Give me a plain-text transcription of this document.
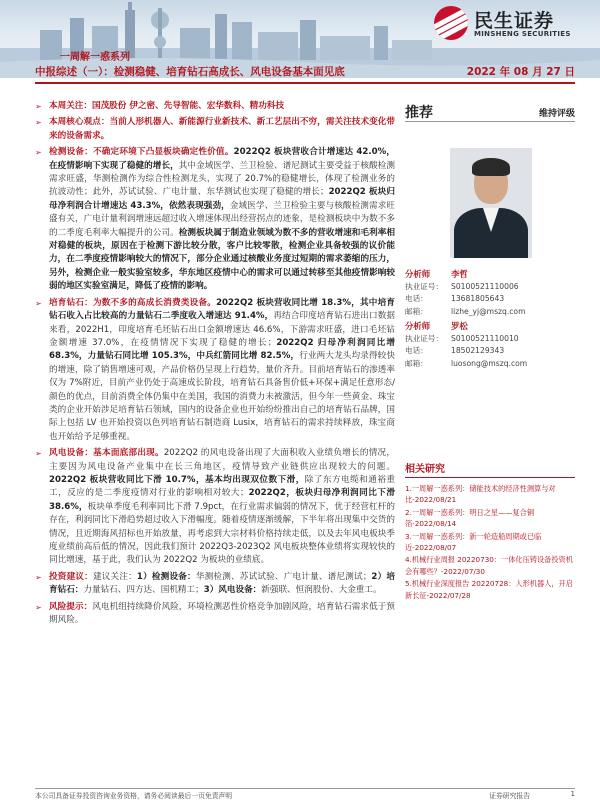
民生证券
MINSHENG SECURITIES
一周解一惑系列
中报综述（一）：检测稳健、培育钻石高成长、风电设备基本面见底	2022 年 08 月 27 日
➢ 本周关注：国茂股份 伊之密、先导智能、宏华数科、精功科技
➢ 本周核心观点：当前人形机器人、新能源行业新技术、新工艺层出不穷，需关注技术变化带来的设备需求。
➢ 检测设备：不确定环境下凸显板块确定性价值。2022Q2 板块营收合计增速达 42.0%，在疫情影响下实现了稳健的增长，其中金域医学、兰卫检验、谱尼测试主要受益于核酸检测需求旺盛，华测检测作为综合性检测龙头，实现了 20.7%的稳健增长，体现了检测业务的抗波动性；此外，苏试试验、广电计量、东华测试也实现了稳健的增长；2022Q2 板块归母净利润合计增速达 43.3%，依然表现强劲，金域医学、兰卫检验主要与核酸检测需求旺盛有关，广电计量利润增速远超过收入增速体现出经营拐点的迹象，是检测板块中为数不多的二季度毛利率大幅提升的公司。检测板块属于制造业领域为数不多的营收增速和毛利率相对稳健的板块，原因在于检测下游比较分散，客户比较零散，检测企业具备较强的议价能力，在二季度疫情影响较大的情况下，部分企业通过核酸业务度过短期的需求萎缩的压力，另外，检测企业一般实验室较多，华东地区疫情中心的需求可以通过转移至其他疫情影响较弱的地区实验室满足，降低了疫情的影响。
➢ 培育钻石：为数不多的高成长消费类设备。2022Q2 板块营收同比增 18.3%，其中培育钻石收入占比较高的力量钻石二季度收入增速达 91.4%，再结合印度培育钻石进出口数据来看，2022H1，印度培育毛坯钻石出口金额增速达 46.6%，下游需求旺盛，进口毛坯钻金额增速 37.0%，在疫情情况下实现了稳健的增长；2022Q2 归母净利润同比增 68.3%，力量钻石同比增 105.3%，中兵红箭同比增 82.5%，行业两大龙头均录得较快的增速，除了销售增速可观，产品价格仍呈现上行趋势，量价齐升。目前培育钻石的渗透率仅为 7%附近，目前产业仍处于高速成长阶段，培育钻石具备售价低+环保+满足任意形态/颜色的优点，目前消费全体仍集中在美国，我国的消费力未被激活，但今年一些黄金、珠宝类的企业开始涉足培育钻石领域，国内的设备企业也开始纷纷推出自己的培育钻石品牌，国际上包括 LV 也开始投资以色列培育钻石制造商 Lusix，培育钻石的需求持续释放，珠宝商也开始给予足够重视。
➢ 风电设备：基本面底部出现。2022Q2 的风电设备出现了大面积收入业绩负增长的情况，主要因为风电设备产业集中在长三角地区，疫情导致产业链供应出现较大的问题。2022Q2 板块营收同比下滑 10.7%，基本均出现双位数下滑，除了东方电缆和通裕重工，反应的是二季度疫情对行业的影响相对较大；2022Q2，板块归母净利润同比下滑 38.6%，板块单季度毛利率同比下滑 7.9pct，在行业需求偏弱的情况下，优于经营杠杆的存在，利润同比下滑趋势超过收入下滑幅度。随着疫情逐渐缓解，下半年将出现集中交货的情况，且近期海风招标也开始放量，再考虑到大宗材料价格持续走低，以及去年风电板块季度业绩前高后低的情况，因此我们预计 2022Q3-2023Q2 风电板块整体业绩将实现较快的同比增速，基于此，我们认为 2022Q2 为板块的业绩底。
➢ 投资建议：建议关注：1）检测设备：华测检测、苏试试验、广电计量、谱尼测试；2）培育钻石：力量钻石、四方达、国机精工；3）风电设备：新强联、恒润股份、大金重工。
➢ 风险提示：风电机组持续降价风险，环境检测恶性价格竞争加剧风险，培育钻石需求低于预期风险。
推荐	维持评级
分析师 李哲
执业证号： S0100521110006
电话：	13681805643
邮箱：	lizhe_yj@mszq.com
分析师 罗松
执业证号： S0100521110010
电话：	18502129343
邮箱：	luosong@mszq.com
相关研究
1.一周解一惑系列：储能技术的经济性测算与对比-2022/08/21
2.一周解一惑系列：明日之星——复合铜箔-2022/08/14
3.一周解一惑系列：新一轮造船周期或已临近-2022/08/07
4.机械行业周报 20220730：一体化压铸设备投资机会有哪些？-2022/07/30
5.机械行业深度报告 20220728：人形机器人，开启新长征-2022/07/28
本公司具备证券投资咨询业务资格，请务必阅读最后一页免责声明	证券研究报告	1
